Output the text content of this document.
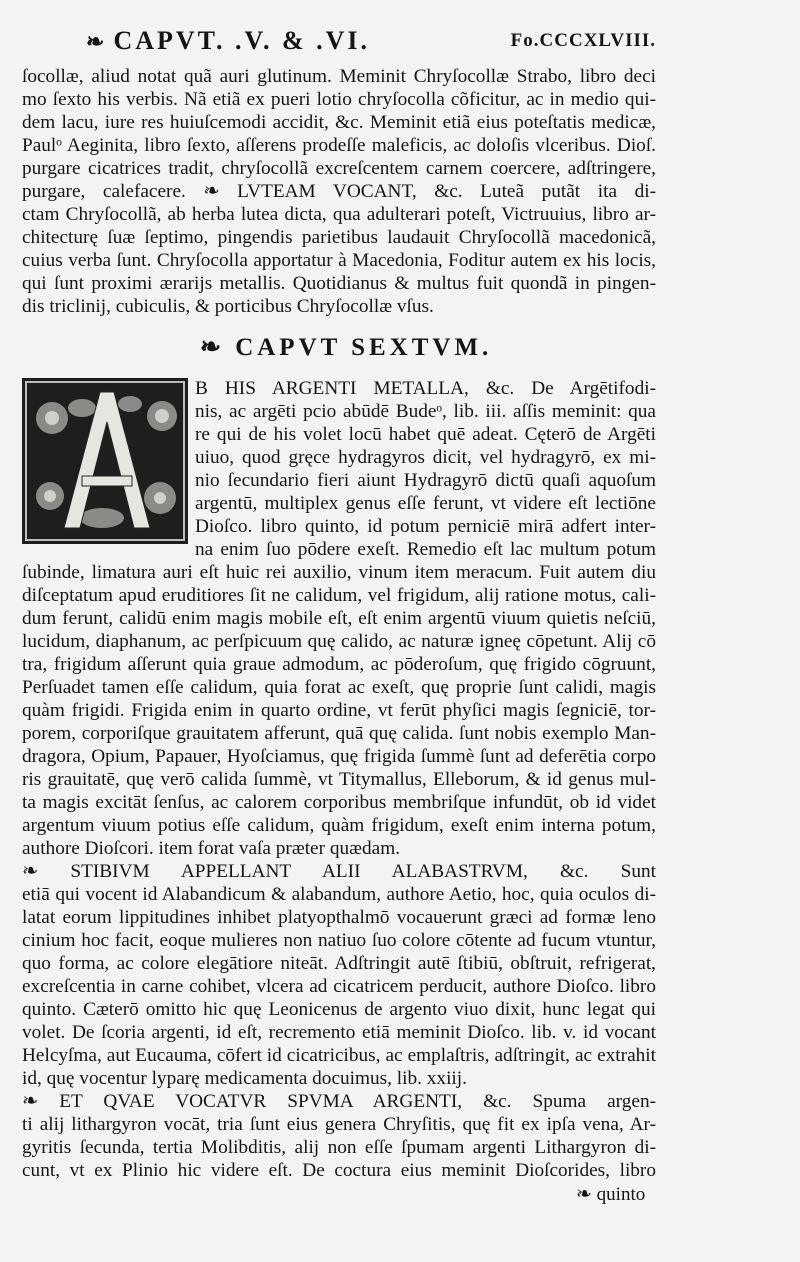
❧ CAPVT. .V. & .VI.	Fo.CCCXLVIII.
ſocollæ, aliud notat quã auri glutinum. Meminit Chryſocollæ Strabo, libro deci
mo ſexto his verbis. Nã etiã ex pueri lotio chryſocolla cõficitur, ac in medio qui-
dem lacu, iure res huiuſcemodi accidit, &c. Meminit etiã eius poteſtatis medicæ,
Paulᵒ Aeginita, libro ſexto, aſſerens prodeſſe maleficis, ac doloſis vlceribus. Dioſ.
purgare cicatrices tradit, chryſocollã excreſcentem carnem coercere, adſtringere,
purgare, calefacere. ❧ LVTEAM VOCANT, &c. Luteã putãt ita di-
ctam Chryſocollã, ab herba lutea dicta, qua adulterari poteſt, Victruuius, libro ar-
chitecturę ſuæ ſeptimo, pingendis parietibus laudauit Chryſocollã macedonicã,
cuius verba ſunt. Chryſocolla apportatur à Macedonia, Foditur autem ex his locis,
qui ſunt proximi ærarijs metallis. Quotidianus & multus fuit quondã in pingen-
dis triclinij, cubiculis, & porticibus Chryſocollæ vſus.
❧ CAPVT SEXTVM.
B HIS ARGENTI METALLA, &c. De Argētifodi-
nis, ac argēti pcio abūdē Budeᵒ, lib. iii. aſſis meminit: qua
re qui de his volet locū habet quē adeat. Cęterō de Argēti
uiuo, quod gręce hydragyros dicit, vel hydragyrō, ex mi-
nio ſecundario fieri aiunt Hydragyrō dictū quaſi aquoſum
argentū, multiplex genus eſſe ferunt, vt videre eſt lectiōne
Dioſco. libro quinto, id potum perniciē mirā adfert inter-
na enim ſuo pōdere exeſt. Remedio eſt lac multum potum
ſubinde, limatura auri eſt huic rei auxilio, vinum item meracum. Fuit autem diu
diſceptatum apud eruditiores ſit ne calidum, vel frigidum, alij ratione motus, cali-
dum ferunt, calidū enim magis mobile eſt, eſt enim argentū viuum quietis neſciū,
lucidum, diaphanum, ac perſpicuum quę calido, ac naturæ igneę cōpetunt. Alij cō
tra, frigidum aſſerunt quia graue admodum, ac pōderoſum, quę frigido cōgruunt,
Perſuadet tamen eſſe calidum, quia forat ac exeſt, quę proprie ſunt calidi, magis
quàm frigidi. Frigida enim in quarto ordine, vt ferūt phyſici magis ſegniciē, tor-
porem, corporiſque grauitatem afferunt, quā quę calida. ſunt nobis exemplo Man-
dragora, Opium, Papauer, Hyoſciamus, quę frigida ſummè ſunt ad deferētia corpo
ris grauitatē, quę verō calida ſummè, vt Titymallus, Elleborum, & id genus mul-
ta magis excitāt ſenſus, ac calorem corporibus membriſque infundūt, ob id videt
argentum viuum potius eſſe calidum, quàm frigidum, exeſt enim interna potum,
authore Dioſcori. item forat vaſa præter quædam.
❧ STIBIVM APPELLANT ALII ALABASTRVM, &c. Sunt
etiā qui vocent id Alabandicum & alabandum, authore Aetio, hoc, quia oculos di-
latat eorum lippitudines inhibet platyopthalmō vocauerunt græci ad formæ leno
cinium hoc facit, eoque mulieres non natiuo ſuo colore cōtente ad fucum vtuntur,
quo forma, ac colore elegātiore niteāt. Adſtringit autē ſtibiū, obſtruit, refrigerat,
excreſcentia in carne cohibet, vlcera ad cicatricem perducit, authore Dioſco. libro
quinto. Cæterō omitto hic quę Leonicenus de argento viuo dixit, hunc legat qui
volet. De ſcoria argenti, id eſt, recremento etiā meminit Dioſco. lib. v. id vocant
Helcyſma, aut Eucauma, cōfert id cicatricibus, ac emplaſtris, adſtringit, ac extrahit
id, quę vocentur lyparę medicamenta docuimus, lib. xxiij.
❧ ET QVAE VOCATVR SPVMA ARGENTI, &c. Spuma argen-
ti alij lithargyron vocāt, tria ſunt eius genera Chryſitis, quę fit ex ipſa vena, Ar-
gyritis ſecunda, tertia Molibditis, alij non eſſe ſpumam argenti Lithargyron di-
cunt, vt ex Plinio hic videre eſt. De coctura eius meminit Dioſcorides, libro
❧ quinto
